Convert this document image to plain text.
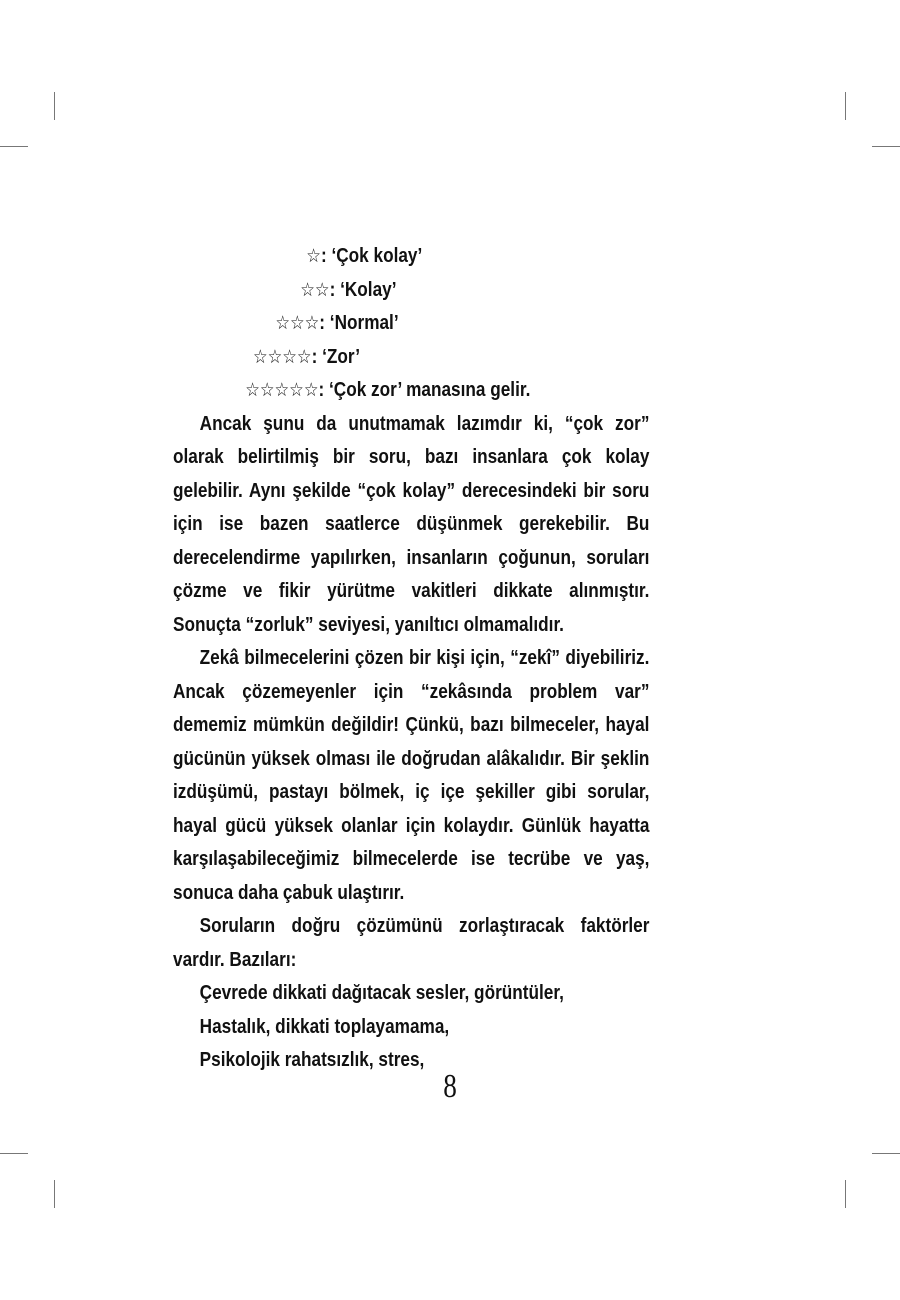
☆: ‘Çok kolay’
☆☆: ‘Kolay’
☆☆☆: ‘Normal’
☆☆☆☆: ‘Zor’
☆☆☆☆☆: ‘Çok zor’ manasına gelir.

Ancak şunu da unutmamak lazımdır ki, “çok zor” olarak belirtilmiş bir soru, bazı insanlara çok kolay gelebilir. Aynı şekilde “çok kolay” derecesindeki bir soru için ise bazen saatlerce düşünmek gerekebilir. Bu derecelendirme yapılırken, insanların çoğunun, soruları çözme ve fikir yürütme vakitleri dikkate alınmıştır. Sonuçta “zorluk” seviyesi, yanıltıcı olmamalıdır.

Zekâ bilmecelerini çözen bir kişi için, “zekî” diyebiliriz. Ancak çözemeyenler için “zekâsında problem var” dememiz mümkün değildir! Çünkü, bazı bilmeceler, hayal gücünün yüksek olması ile doğrudan alâkalıdır. Bir şeklin izdüşümü, pastayı bölmek, iç içe şekiller gibi sorular, hayal gücü yüksek olanlar için kolaydır. Günlük hayatta karşılaşabileceğimiz bilmecelerde ise tecrübe ve yaş, sonuca daha çabuk ulaştırır.

Soruların doğru çözümünü zorlaştıracak faktörler vardır. Bazıları:

Çevrede dikkati dağıtacak sesler, görüntüler,
Hastalık, dikkati toplayamama,
Psikolojik rahatsızlık, stres,
8
